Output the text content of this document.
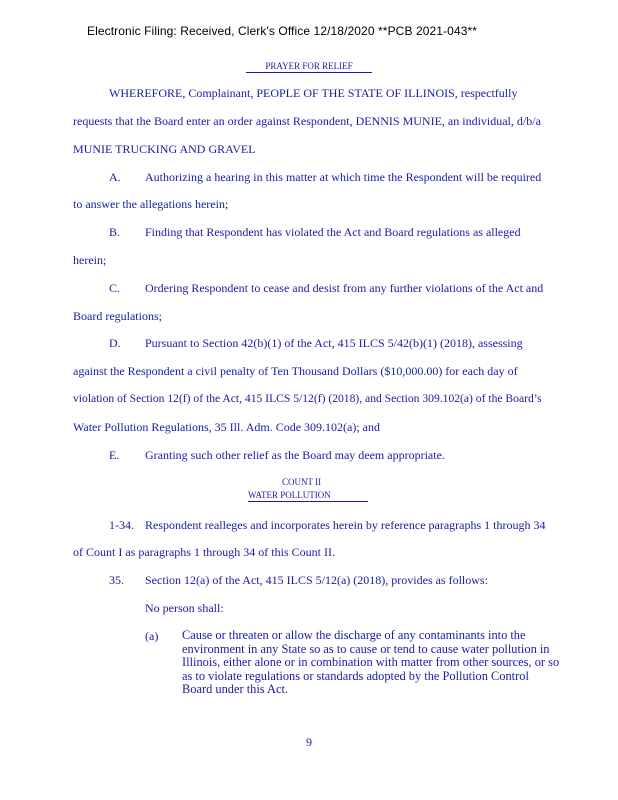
Electronic Filing: Received, Clerk's Office 12/18/2020 **PCB 2021-043**
PRAYER FOR RELIEF
WHEREFORE, Complainant, PEOPLE OF THE STATE OF ILLINOIS, respectfully
requests that the Board enter an order against Respondent, DENNIS MUNIE, an individual, d/b/a
MUNIE TRUCKING AND GRAVEL
A. Authorizing a hearing in this matter at which time the Respondent will be required
to answer the allegations herein;
B. Finding that Respondent has violated the Act and Board regulations as alleged
herein;
C. Ordering Respondent to cease and desist from any further violations of the Act and
Board regulations;
D. Pursuant to Section 42(b)(1) of the Act, 415 ILCS 5/42(b)(1) (2018), assessing
against the Respondent a civil penalty of Ten Thousand Dollars ($10,000.00) for each day of
violation of Section 12(f) of the Act, 415 ILCS 5/12(f) (2018), and Section 309.102(a) of the Board’s
Water Pollution Regulations, 35 Ill. Adm. Code 309.102(a); and
E. Granting such other relief as the Board may deem appropriate.
COUNT II
WATER POLLUTION
1-34. Respondent realleges and incorporates herein by reference paragraphs 1 through 34
of Count I as paragraphs 1 through 34 of this Count II.
35. Section 12(a) of the Act, 415 ILCS 5/12(a) (2018), provides as follows:
No person shall:
(a) Cause or threaten or allow the discharge of any contaminants into the environment in any State so as to cause or tend to cause water pollution in Illinois, either alone or in combination with matter from other sources, or so as to violate regulations or standards adopted by the Pollution Control Board under this Act.
9
